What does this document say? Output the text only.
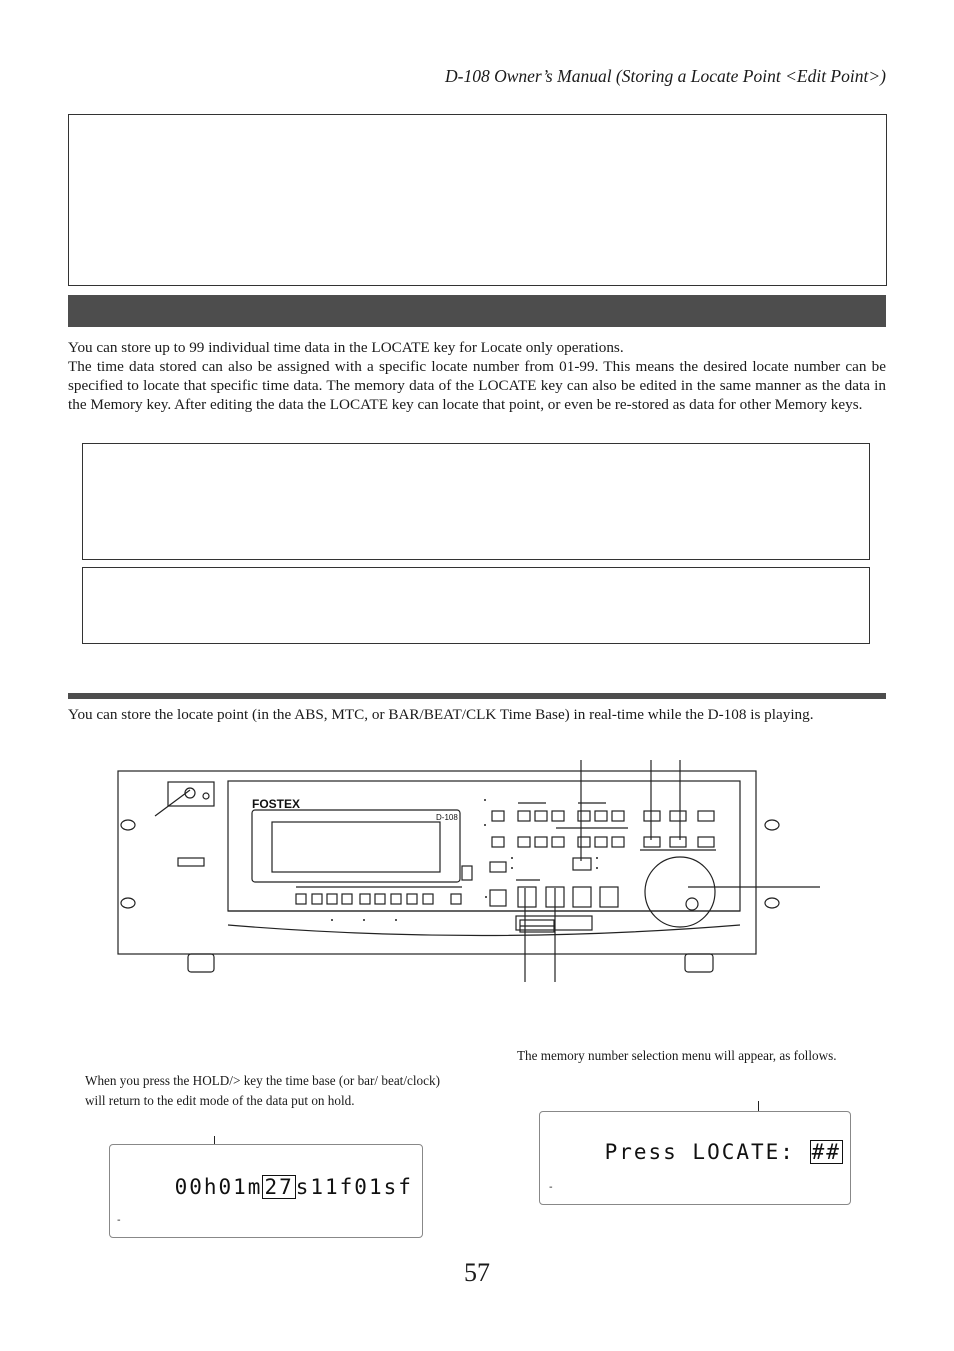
D-108 Owner’s Manual (Storing a Locate Point <Edit Point>)

You can store up to 99 individual time data in the LOCATE key for Locate only operations.

The time data stored can also be assigned with a specific locate number from 01-99. This means the desired locate number can be specified to locate that specific time data. The memory data of the LOCATE key can also be edited in the same manner as the data in the Memory key. After editing the data the LOCATE key can locate that point, or even be re-stored as data for other Memory keys.

You can store the locate point (in the ABS, MTC, or BAR/BEAT/CLK Time Base) in real-time while the D-108 is playing.
FOSTEX
D-108
When you press the HOLD/> key the time base (or bar/ beat/clock) will return to the edit mode of the data put on hold.
The memory number selection menu will appear, as follows.

00h01m27s11f01sf

-

Press LOCATE: ##

-
57
